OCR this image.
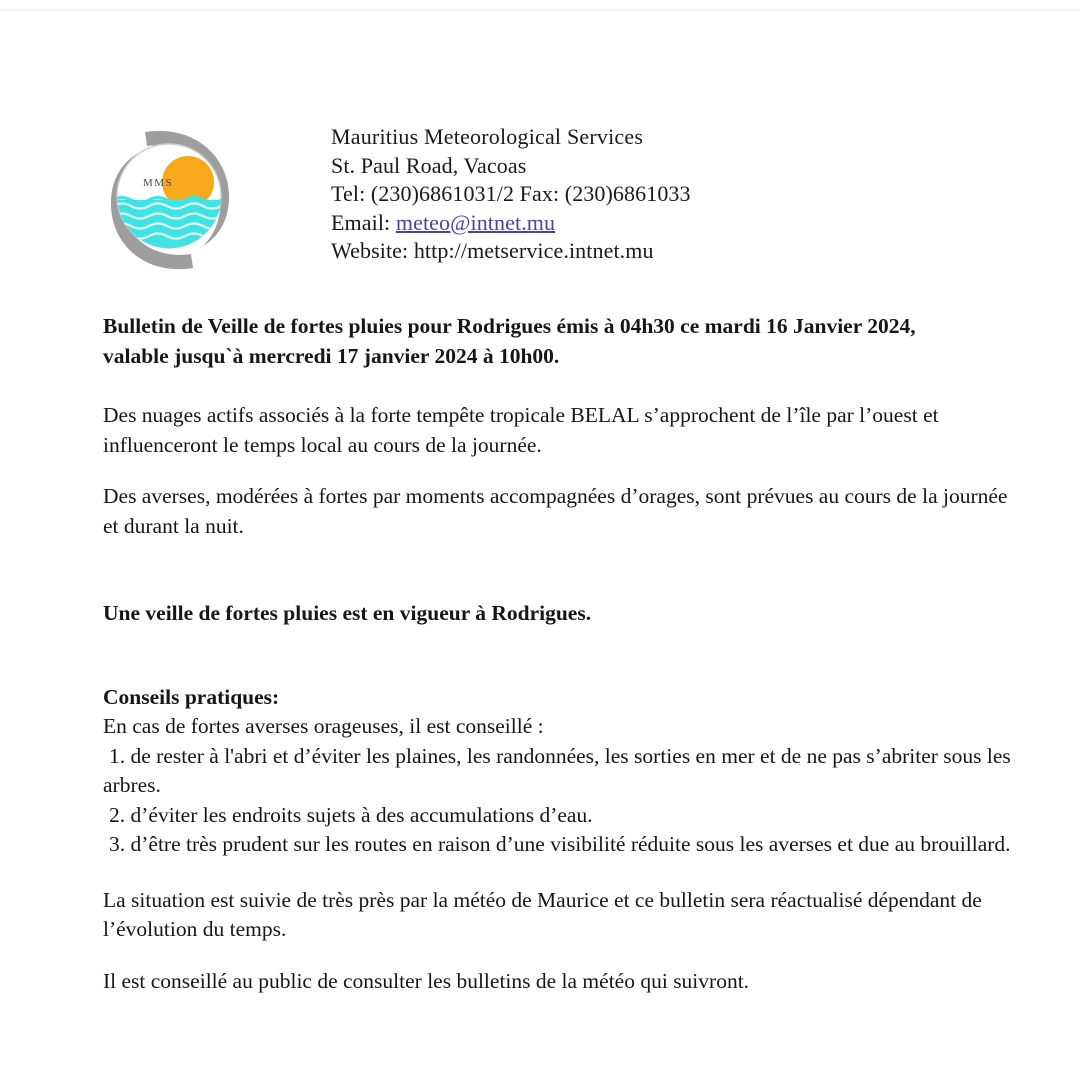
MMS
Mauritius Meteorological Services
St. Paul Road, Vacoas
Tel: (230)6861031/2 Fax: (230)6861033
Email: meteo@intnet.mu
Website: http://metservice.intnet.mu
Bulletin de Veille de fortes pluies pour Rodrigues émis à 04h30 ce mardi 16 Janvier 2024,
valable jusqu`à mercredi 17 janvier 2024 à 10h00.

Des nuages actifs associés à la forte tempête tropicale BELAL s’approchent de l’île par l’ouest et influenceront le temps local au cours de la journée.

Des averses, modérées à fortes par moments accompagnées d’orages, sont prévues au cours de la journée et durant la nuit.

Une veille de fortes pluies est en vigueur à Rodrigues.
Conseils pratiques:

En cas de fortes averses orageuses, il est conseillé :

1. de rester à l'abri et d’éviter les plaines, les randonnées, les sorties en mer et de ne pas s’abriter sous les arbres.

2. d’éviter les endroits sujets à des accumulations d’eau.

3. d’être très prudent sur les routes en raison d’une visibilité réduite sous les averses et due au brouillard.

La situation est suivie de très près par la météo de Maurice et ce bulletin sera réactualisé dépendant de l’évolution du temps.

Il est conseillé au public de consulter les bulletins de la météo qui suivront.
